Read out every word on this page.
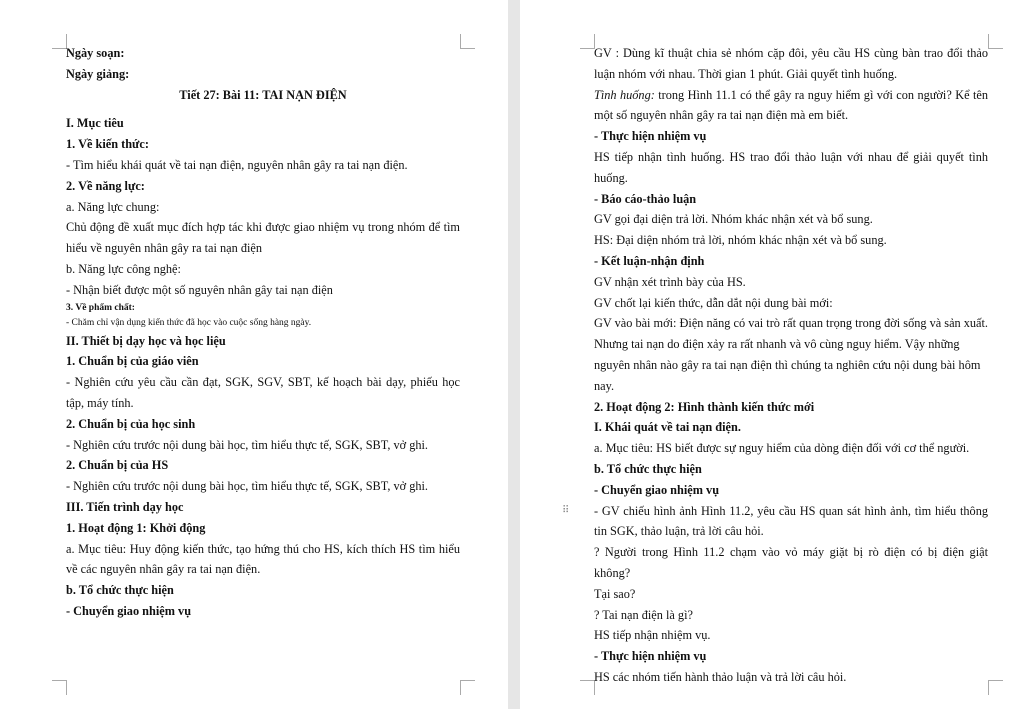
Ngày soạn:
Ngày giảng:
Tiết 27: Bài 11: TAI NẠN ĐIỆN
I. Mục tiêu
1. Về kiến thức:
- Tìm hiểu khái quát về tai nạn điện, nguyên nhân gây ra tai nạn điện.
2. Về năng lực:
a. Năng lực chung:
Chủ động đề xuất mục đích hợp tác khi được giao nhiệm vụ trong nhóm để tìm
hiểu về nguyên nhân gây ra tai nạn điện
b. Năng lực công nghệ:
- Nhận biết được một số nguyên nhân gây tai nạn điện
3. Về phẩm chất:
- Chăm chỉ vận dụng kiến thức đã học vào cuộc sống hàng ngày.
II. Thiết bị dạy học và học liệu
1. Chuẩn bị của giáo viên
- Nghiên cứu yêu cầu cần đạt, SGK, SGV, SBT, kế hoạch bài dạy, phiếu học
tập, máy tính.
2. Chuẩn bị của học sinh
- Nghiên cứu trước nội dung bài học, tìm hiểu thực tế, SGK, SBT, vở ghi.
2. Chuẩn bị của HS
- Nghiên cứu trước nội dung bài học, tìm hiểu thực tế, SGK, SBT, vở ghi.
III. Tiến trình dạy học
1. Hoạt động 1: Khởi động
a. Mục tiêu: Huy động kiến thức, tạo hứng thú cho HS, kích thích HS tìm hiểu
về các nguyên nhân gây ra tai nạn điện.
b. Tổ chức thực hiện
- Chuyển giao nhiệm vụ
GV : Dùng kĩ thuật chia sẻ nhóm cặp đôi, yêu cầu HS cùng bàn trao đổi thảo
luận nhóm với nhau. Thời gian 1 phút. Giải quyết tình huống.
Tình huống: trong Hình 11.1 có thể gây ra nguy hiểm gì với con người? Kể tên
một số nguyên nhân gây ra tai nạn điện mà em biết.
- Thực hiện nhiệm vụ
HS tiếp nhận tình huống. HS trao đổi thảo luận với nhau để giải quyết tình
huống.
- Báo cáo-thảo luận
GV gọi đại diện trả lời. Nhóm khác nhận xét và bổ sung.
HS: Đại diện nhóm trả lời, nhóm khác nhận xét và bổ sung.
- Kết luận-nhận định
GV nhận xét trình bày của HS.
GV chốt lại kiến thức, dẫn dắt nội dung bài mới:
GV vào bài mới: Điện năng có vai trò rất quan trọng trong đời sống và sản xuất.
Nhưng tai nạn do điện xảy ra rất nhanh và vô cùng nguy hiểm. Vậy những
nguyên nhân nào gây ra tai nạn điện thì chúng ta nghiên cứu nội dung bài hôm
nay.
2. Hoạt động 2: Hình thành kiến thức mới
I. Khái quát về tai nạn điện.
a. Mục tiêu: HS biết được sự nguy hiểm của dòng điện đối với cơ thể người.
b. Tổ chức thực hiện
- Chuyển giao nhiệm vụ
- GV chiếu hình ảnh Hình 11.2, yêu cầu HS quan sát hình ảnh, tìm hiểu thông
tin SGK, thảo luận, trả lời câu hỏi.
? Người trong Hình 11.2 chạm vào vỏ máy giặt bị rò điện có bị điện giật không?
Tại sao?
? Tai nạn điện là gì?
HS tiếp nhận nhiệm vụ.
- Thực hiện nhiệm vụ
HS các nhóm tiến hành thảo luận và trả lời câu hỏi.
⠿
